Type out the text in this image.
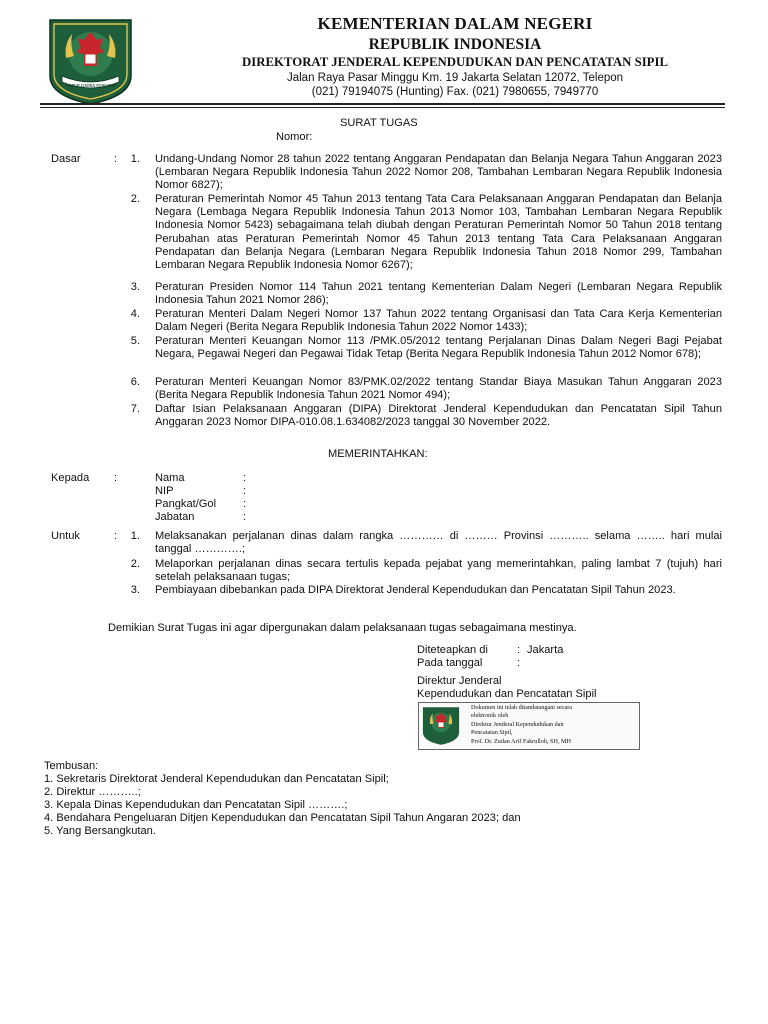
CATUR GATRA TUNGGAL
KEMENTERIAN DALAM NEGERI
REPUBLIK INDONESIA
DIREKTORAT JENDERAL KEPENDUDUKAN DAN PENCATATAN SIPIL
Jalan Raya Pasar Minggu Km. 19 Jakarta Selatan 12072, Telepon
(021) 79194075 (Hunting) Fax. (021) 7980655, 7949770
SURAT TUGAS
Nomor:
Dasar	:	1. Undang-Undang Nomor 28 tahun 2022 tentang Anggaran Pendapatan dan Belanja Negara Tahun Anggaran 2023 (Lembaran Negara Republik Indonesia Tahun 2022 Nomor 208, Tambahan Lembaran Negara Republik Indonesia Nomor 6827);
2. Peraturan Pemerintah Nomor 45 Tahun 2013 tentang Tata Cara Pelaksanaan Anggaran Pendapatan dan Belanja Negara (Lembaga Negara Republik Indonesia Tahun 2013 Nomor 103, Tambahan Lembaran Negara Republik Indonesia Nomor 5423) sebagaimana telah diubah dengan Peraturan Pemerintah Nomor 50 Tahun 2018 tentang Perubahan atas Peraturan Pemerintah Nomor 45 Tahun 2013 tentang Tata Cara Pelaksanaan Anggaran Pendapatan dan Belanja Negara (Lembaran Negara Republik Indonesia Tahun 2018 Nomor 299, Tambahan Lembaran Negara Republik Indonesia Nomor 6267);
3. Peraturan Presiden Nomor 114 Tahun 2021 tentang Kementerian Dalam Negeri (Lembaran Negara Republik Indonesia Tahun 2021 Nomor 286);
4. Peraturan Menteri Dalam Negeri Nomor 137 Tahun 2022 tentang Organisasi dan Tata Cara Kerja Kementerian Dalam Negeri (Berita Negara Republik Indonesia Tahun 2022 Nomor 1433);
5. Peraturan Menteri Keuangan Nomor 113 /PMK.05/2012 tentang Perjalanan Dinas Dalam Negeri Bagi Pejabat Negara, Pegawai Negeri dan Pegawai Tidak Tetap (Berita Negara Republik Indonesia Tahun 2012 Nomor 678);
6. Peraturan Menteri Keuangan Nomor 83/PMK.02/2022 tentang Standar Biaya Masukan Tahun Anggaran 2023 (Berita Negara Republik Indonesia Tahun 2021 Nomor 494);
7. Daftar Isian Pelaksanaan Anggaran (DIPA) Direktorat Jenderal Kependudukan dan Pencatatan Sipil Tahun Anggaran 2023 Nomor DIPA-010.08.1.634082/2023 tanggal 30 November 2022.
MEMERINTAHKAN:
Kepada :	Nama	:
NIP	:
Pangkat/Gol :
Jabatan	:
Untuk	:	1. Melaksanakan perjalanan dinas dalam rangka ………… di ……… Provinsi ……….. selama …….. hari mulai tanggal ………….;
2. Melaporkan perjalanan dinas secara tertulis kepada pejabat yang memerintahkan, paling lambat 7 (tujuh) hari setelah pelaksanaan tugas;
3. Pembiayaan dibebankan pada DIPA Direktorat Jenderal Kependudukan dan Pencatatan Sipil Tahun 2023.
Demikian Surat Tugas ini agar dipergunakan dalam pelaksanaan tugas sebagaimana mestinya.
Diteteapkan di	: Jakarta
Pada tanggal	:
Direktur Jenderal
Kependudukan dan Pencatatan Sipil
Dokumen ini telah ditandatangani secara
elektronik oleh
Direktur Jenderal Kependudukan dan
Pencatatan Sipil,
Prof. Dr. Zudan Arif Fakrulloh, SH, MH
Tembusan:
1. Sekretaris Direktorat Jenderal Kependudukan dan Pencatatan Sipil;
2. Direktur ………..;
3. Kepala Dinas Kependudukan dan Pencatatan Sipil ……….;
4. Bendahara Pengeluaran Ditjen Kependudukan dan Pencatatan Sipil Tahun Angaran 2023; dan
5. Yang Bersangkutan.
